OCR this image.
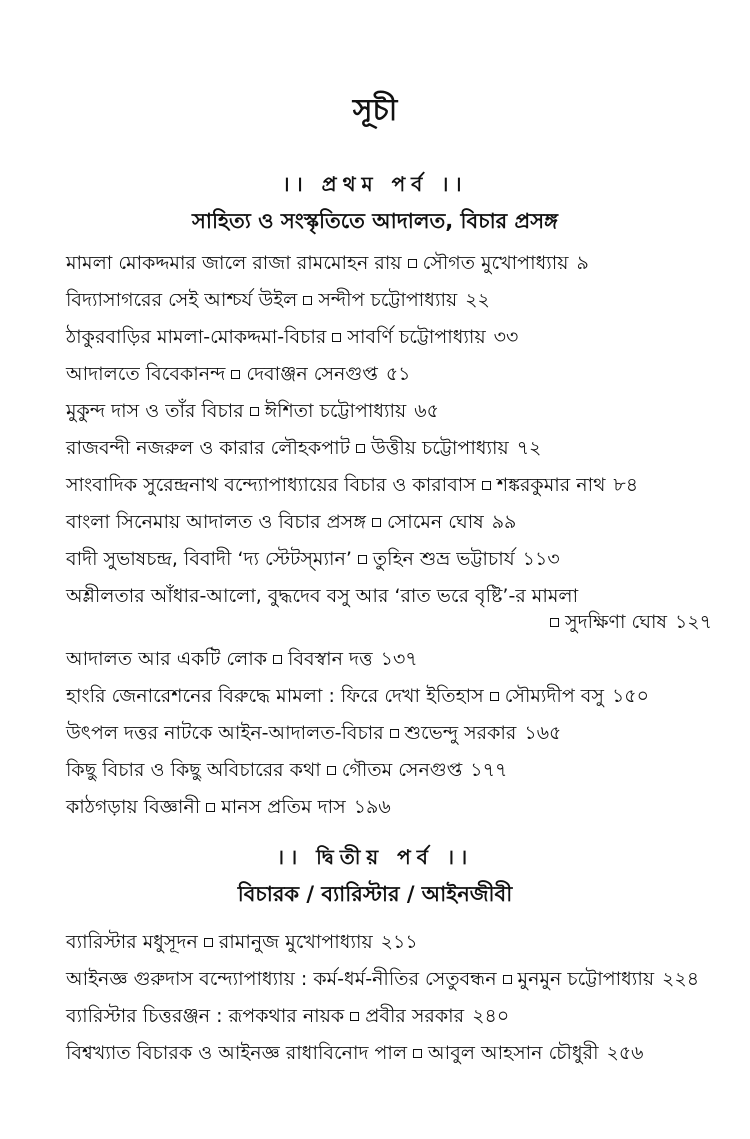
সূচী
।। প্রথম পর্ব ।।
সাহিত্য ও সংস্কৃতিতে আদালত, বিচার প্রসঙ্গ
মামলা মোকদ্দমার জালে রাজা রামমোহন রায় সৌগত মুখোপাধ্যায় ৯
বিদ্যাসাগরের সেই আশ্চর্য উইল সন্দীপ চট্টোপাধ্যায় ২২
ঠাকুরবাড়ির মামলা-মোকদ্দমা-বিচার সাবর্ণি চট্টোপাধ্যায় ৩৩
আদালতে বিবেকানন্দ দেবাঞ্জন সেনগুপ্ত ৫১
মুকুন্দ দাস ও তাঁর বিচার ঈশিতা চট্টোপাধ্যায় ৬৫
রাজবন্দী নজরুল ও কারার লৌহকপাট উত্তীয় চট্টোপাধ্যায় ৭২
সাংবাদিক সুরেন্দ্রনাথ বন্দ্যোপাধ্যায়ের বিচার ও কারাবাস শঙ্করকুমার নাথ ৮৪
বাংলা সিনেমায় আদালত ও বিচার প্রসঙ্গ সোমেন ঘোষ ৯৯
বাদী সুভাষচন্দ্র, বিবাদী ‘দ্য স্টেটস্‌ম্যান’ তুহিন শুভ্র ভট্টাচার্য ১১৩
অশ্লীলতার আঁধার-আলো, বুদ্ধদেব বসু আর ‘রাত ভরে বৃষ্টি’-র মামলা
সুদক্ষিণা ঘোষ ১২৭
আদালত আর একটি লোক বিবস্বান দত্ত ১৩৭
হাংরি জেনারেশনের বিরুদ্ধে মামলা : ফিরে দেখা ইতিহাস সৌম্যদীপ বসু ১৫০
উৎপল দত্তর নাটকে আইন-আদালত-বিচার শুভেন্দু সরকার ১৬৫
কিছু বিচার ও কিছু অবিচারের কথা গৌতম সেনগুপ্ত ১৭৭
কাঠগড়ায় বিজ্ঞানী মানস প্রতিম দাস ১৯৬
।। দ্বিতীয় পর্ব ।।
বিচারক / ব্যারিস্টার / আইনজীবী
ব্যারিস্টার মধুসূদন রামানুজ মুখোপাধ্যায় ২১১
আইনজ্ঞ গুরুদাস বন্দ্যোপাধ্যায় : কর্ম-ধর্ম-নীতির সেতুবন্ধন মুনমুন চট্টোপাধ্যায় ২২৪
ব্যারিস্টার চিত্তরঞ্জন : রূপকথার নায়ক প্রবীর সরকার ২৪০
বিশ্বখ্যাত বিচারক ও আইনজ্ঞ রাধাবিনোদ পাল আবুল আহসান চৌধুরী ২৫৬
